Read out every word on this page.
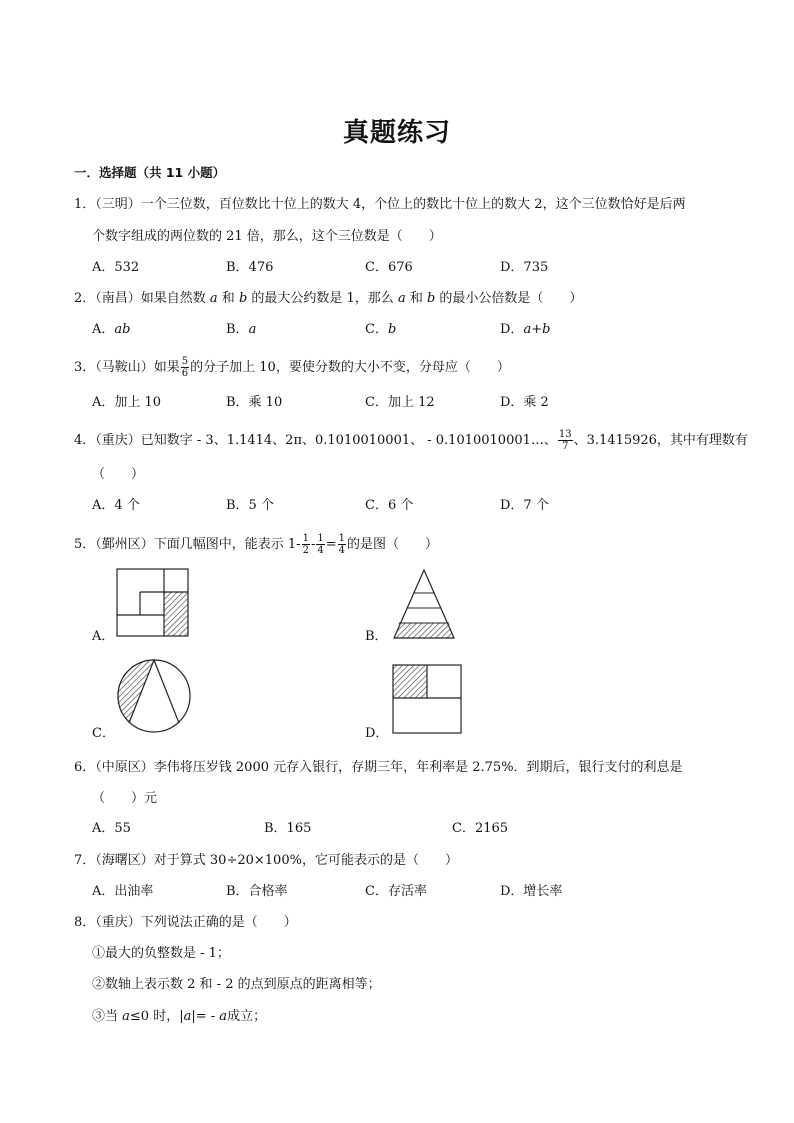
真题练习
一．选择题（共 11 小题）
1．（三明）一个三位数，百位数比十位上的数大 4，个位上的数比十位上的数大 2，这个三位数恰好是后两
个数字组成的两位数的 21 倍，那么，这个三位数是（　　）
A．532	B．476	C．676	D．735
2．（南昌）如果自然数 a 和 b 的最大公约数是 1，那么 a 和 b 的最小公倍数是（　　）
A．ab	B．a	C．b	D．a+b
3．（马鞍山）如果 $\frac{5}{6}$ 的分子加上 10，要使分数的大小不变，分母应（　　）
A．加上 10	B．乘 10	C．加上 12	D．乘 2
4．（重庆）已知数字 - 3、1.1414、2π、0.1010010001、 - 0.1010010001…、 $\frac{13}{7}$ 、3.1415926，其中有理数有
（　　）
A．4 个	B．5 个	C．6 个	D．7 个
5．（鄞州区）下面几幅图中，能表示 $1- \frac{1}{2} - \frac{1}{4} = \frac{1}{4}$ 的是图（　　）
A．	B．
C．	D．
6．（中原区）李伟将压岁钱 2000 元存入银行，存期三年，年利率是 2.75%．到期后，银行支付的利息是
（　　）元
A．55	B．165	C．2165
7．（海曙区）对于算式 30÷20×100%，它可能表示的是（　　）
A．出油率	B．合格率	C．存活率	D．增长率
8．（重庆）下列说法正确的是（　　）
①最大的负整数是 - 1；
②数轴上表示数 2 和 - 2 的点到原点的距离相等；
③当 a≤0 时，|a|= - a成立；
